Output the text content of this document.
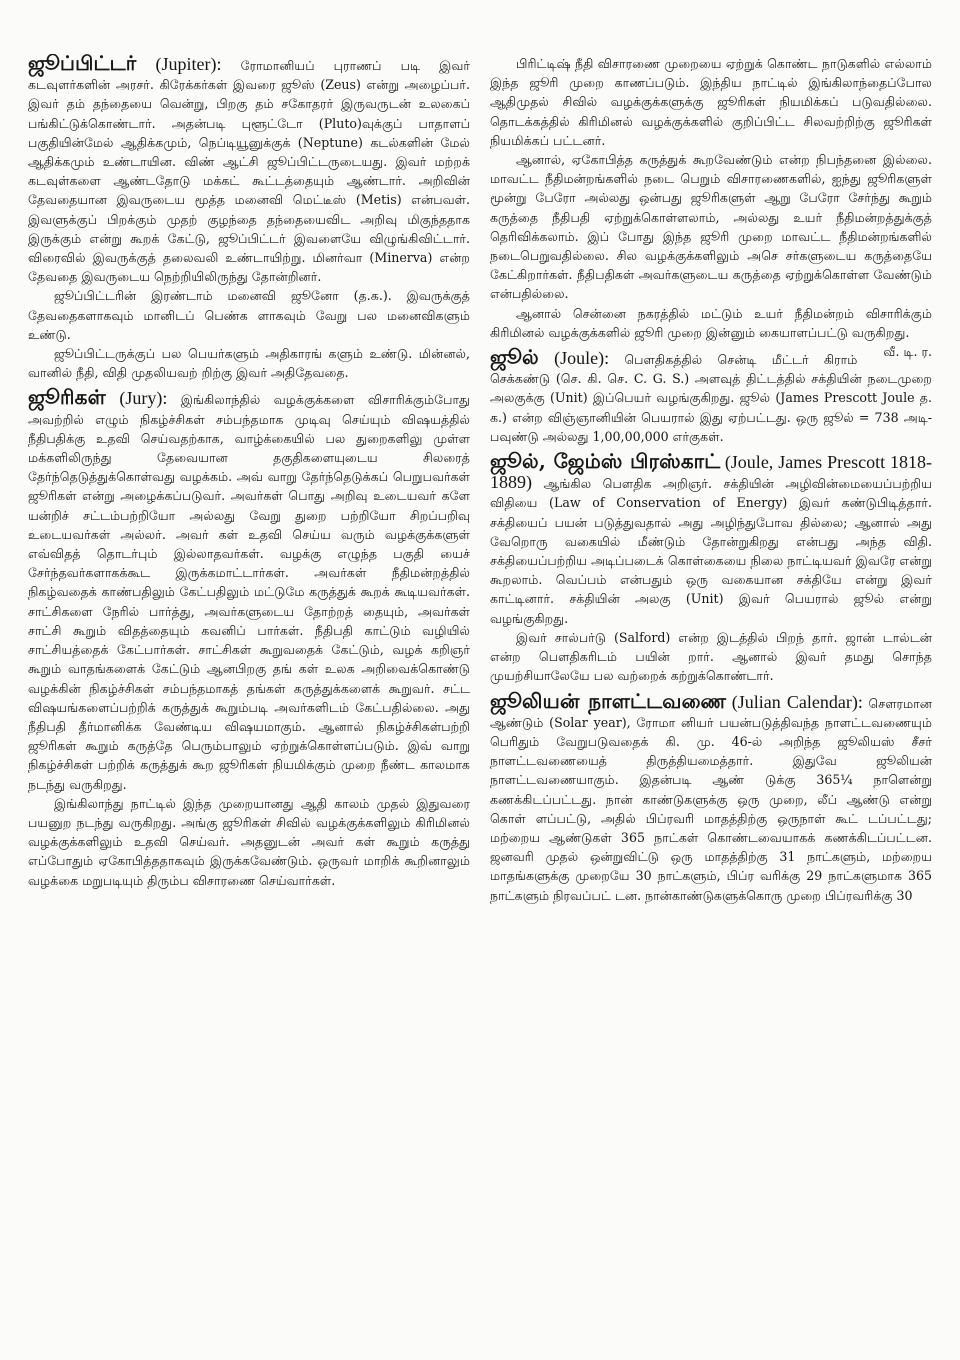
ஜூப்பிட்டர் (Jupiter): ரோமானியப் புராணப் படி இவர் கடவுளர்களின் அரசர். கிரேக்கர்கள் இவரை ஜூஸ் (Zeus) என்று அழைப்பர். இவர் தம் தந்தையை வென்று, பிறகு தம் சகோதரர் இருவருடன் உலகைப் பங்கிட்டுக்கொண்டார். அதன்படி புளூட்டோ (Pluto)வுக்குப் பாதாளப் பகுதியின்மேல் ஆதிக்கமும், நெப்டியூனுக்குக் (Neptune) கடல்களின் மேல் ஆதிக்கமும் உண்டாயின. விண் ஆட்சி ஜூப்பிட்டருடையது. இவர் மற்றக் கடவுள்களை ஆண்டதோடு மக்கட் கூட்டத்தையும் ஆண்டார். அறிவின் தேவதையான இவருடைய மூத்த மனைவி மெட்டீஸ் (Metis) என்பவள். இவளுக்குப் பிறக்கும் முதற் குழந்தை தந்தையைவிட அறிவு மிகுந்ததாக இருக்கும் என்று கூறக் கேட்டு, ஜூப்பிட்டர் இவளையே விழுங்கிவிட்டார். விரைவில் இவருக்குத் தலைவலி உண்டாயிற்று. மினர்வா (Minerva) என்ற தேவதை இவருடைய நெற்றியிலிருந்து தோன்றினர்.

ஜூப்பிட்டரின் இரண்டாம் மனைவி ஜூனோ (த.க.). இவருக்குத் தேவதைகளாகவும் மானிடப் பெண்க ளாகவும் வேறு பல மனைவிகளும் உண்டு.

ஜூப்பிட்டருக்குப் பல பெயர்களும் அதிகாரங் களும் உண்டு. மின்னல், வானில் நீதி, விதி முதலியவற் றிற்கு இவர் அதிதேவதை.

ஜூரிகள் (Jury): இங்கிலாந்தில் வழக்குக்களை விசாரிக்கும்போது அவற்றில் எழும் நிகழ்ச்சிகள் சம்பந்தமாக முடிவு செய்யும் விஷயத்தில் நீதிபதிக்கு உதவி செய்வதற்காக, வாழ்க்கையில் பல துறைகளிலு முள்ள மக்களிலிருந்து தேவையான தகுதிகளையுடைய சிலரைத் தேர்ந்தெடுத்துக்கொள்வது வழக்கம். அவ் வாறு தேர்ந்தெடுக்கப் பெறுபவர்கள் ஜூரிகள் என்று அழைக்கப்படுவர். அவர்கள் பொது அறிவு உடையவர் களே யன்றிச் சட்டம்பற்றியோ அல்லது வேறு துறை பற்றியோ சிறப்பறிவு உடையவர்கள் அல்லர். அவர் கள் உதவி செய்ய வரும் வழக்குக்களுள் எவ்விதத் தொடர்பும் இல்லாதவர்கள். வழக்கு எழுந்த பகுதி யைச் சேர்ந்தவர்களாகக்கூட இருக்கமாட்டார்கள். அவர்கள் நீதிமன்றத்தில் நிகழ்வதைக் காண்பதிலும் கேட்பதிலும் மட்டுமே கருத்துக் கூறக் கூடியவர்கள். சாட்சிகளை நேரில் பார்த்து, அவர்களுடைய தோற்றத் தையும், அவர்கள் சாட்சி கூறும் விதத்தையும் கவனிப் பார்கள். நீதிபதி காட்டும் வழியில் சாட்சியத்தைக் கேட்பார்கள். சாட்சிகள் கூறுவதைக் கேட்டும், வழக் கறிஞர் கூறும் வாதங்களைக் கேட்டும் ஆனபிறகு தங் கள் உலக அறிவைக்கொண்டு வழக்கின் நிகழ்ச்சிகள் சம்பந்தமாகத் தங்கள் கருத்துக்களைக் கூறுவர். சட்ட விஷயங்களைப்பற்றிக் கருத்துக் கூறும்படி அவர்களிடம் கேட்பதில்லை. அது நீதிபதி தீர்மானிக்க வேண்டிய விஷயமாகும். ஆனால் நிகழ்ச்சிகள்பற்றி ஜூரிகள் கூறும் கருத்தே பெரும்பாலும் ஏற்றுக்கொள்ளப்படும். இவ் வாறு நிகழ்ச்சிகள் பற்றிக் கருத்துக் கூற ஜூரிகள் நியமிக்கும் முறை நீண்ட காலமாக நடந்து வருகிறது.

இங்கிலாந்து நாட்டில் இந்த முறையானது ஆதி காலம் முதல் இதுவரை பயனுற நடந்து வருகிறது. அங்கு ஜூரிகள் சிவில் வழக்குக்களிலும் கிரிமினல் வழக்குக்களிலும் உதவி செய்வர். அதனுடன் அவர் கள் கூறும் கருத்து எப்போதும் ஏகோபித்ததாகவும் இருக்கவேண்டும். ஒருவர் மாறிக் கூறினாலும் வழக்கை மறுபடியும் திரும்ப விசாரணை செய்வார்கள்.

பிரிட்டிஷ் நீதி விசாரணை முறையை ஏற்றுக் கொண்ட நாடுகளில் எல்லாம் இந்த ஜூரி முறை காணப்படும். இந்திய நாட்டில் இங்கிலாந்தைப்போல ஆதிமுதல் சிவில் வழக்குக்களுக்கு ஜூரிகள் நியமிக்கப் படுவதில்லை. தொடக்கத்தில் கிரிமினல் வழக்குக்களில் குறிப்பிட்ட சிலவற்றிற்கு ஜூரிகள் நியமிக்கப் பட்டனர்.

ஆனால், ஏகோபித்த கருத்துக் கூறவேண்டும் என்ற நிபந்தனை இல்லை. மாவட்ட நீதிமன்றங்களில் நடை பெறும் விசாரணைகளில், ஐந்து ஜூரிகளுள் மூன்று பேரோ அல்லது ஒன்பது ஜூரிகளுள் ஆறு பேரோ சேர்ந்து கூறும் கருத்தை நீதிபதி ஏற்றுக்கொள்ளலாம், அல்லது உயர் நீதிமன்றத்துக்குத் தெரிவிக்கலாம். இப் போது இந்த ஜூரி முறை மாவட்ட நீதிமன்றங்களில் நடைபெறுவதில்லை. சில வழக்குக்களிலும் அசெ சர்களுடைய கருத்தையே கேட்கிறார்கள். நீதிபதிகள் அவர்களுடைய கருத்தை ஏற்றுக்கொள்ள வேண்டும் என்பதில்லை.

ஆனால் சென்னை நகரத்தில் மட்டும் உயர் நீதிமன்றம் விசாரிக்கும் கிரிமினல் வழக்குக்களில் ஜூரி முறை இன்னும் கையாளப்பட்டு வருகிறது.
வீ. டி. ர.

ஜூல் (Joule): பௌதிகத்தில் சென்டி மீட்டர் கிராம் செக்கண்டு (செ. கி. செ. C. G. S.) அளவுத் திட்டத்தில் சக்தியின் நடைமுறை அலகுக்கு (Unit) இப்பெயர் வழங்குகிறது. ஜூல் (James Prescott Joule த. க.) என்ற விஞ்ஞானியின் பெயரால் இது ஏற்பட்டது. ஒரு ஜூல் = 738 அடி-பவுண்டு அல்லது 1,00,00,000 எர்குகள்.

ஜூல், ஜேம்ஸ் பிரஸ்காட் (Joule, James Prescott 1818-1889) ஆங்கில பௌதிக அறிஞர். சக்தியின் அழிவின்மையைப்பற்றிய விதியை (Law of Conservation of Energy) இவர் கண்டுபிடித்தார். சக்தியைப் பயன் படுத்துவதால் அது அழிந்துபோவ தில்லை; ஆனால் அது வேறொரு வகையில் மீண்டும் தோன்றுகிறது என்பது அந்த விதி. சக்தியைப்பற்றிய அடிப்படைக் கொள்கையை நிலை நாட்டியவர் இவரே என்று கூறலாம். வெப்பம் என்பதும் ஒரு வகையான சக்தியே என்று இவர் காட்டினார். சக்தியின் அலகு (Unit) இவர் பெயரால் ஜூல் என்று வழங்குகிறது.

இவர் சால்பர்டு (Salford) என்ற இடத்தில் பிறந் தார். ஜான் டால்டன் என்ற பௌதிகரிடம் பயின் றார். ஆனால் இவர் தமது சொந்த முயற்சியாலேயே பல வற்றைக் கற்றுக்கொண்டார்.

ஜூலியன் நாளட்டவணை (Julian Calendar): சௌரமான ஆண்டும் (Solar year), ரோமா னியர் பயன்படுத்திவந்த நாளட்டவணையும் பெரிதும் வேறுபடுவதைக் கி. மு. 46-ல் அறிந்த ஜூலியஸ் சீசர் நாளட்டவணையைத் திருத்தியமைத்தார். இதுவே ஜூலியன் நாளட்டவணையாகும். இதன்படி ஆண் டுக்கு 365¼ நாளென்று கணக்கிடப்பட்டது. நான் காண்டுகளுக்கு ஒரு முறை, லீப் ஆண்டு என்று கொள் ளப்பட்டு, அதில் பிப்ரவரி மாதத்திற்கு ஒருநாள் கூட் டப்பட்டது; மற்றைய ஆண்டுகள் 365 நாட்கள் கொண்டவையாகக் கணக்கிடப்பட்டன. ஜனவரி முதல் ஒன்றுவிட்டு ஒரு மாதத்திற்கு 31 நாட்களும், மற்றைய மாதங்களுக்கு முறையே 30 நாட்களும், பிப்ர வரிக்கு 29 நாட்களுமாக 365 நாட்களும் நிரவப்பட் டன. நான்காண்டுகளுக்கொரு முறை பிப்ரவரிக்கு 30
